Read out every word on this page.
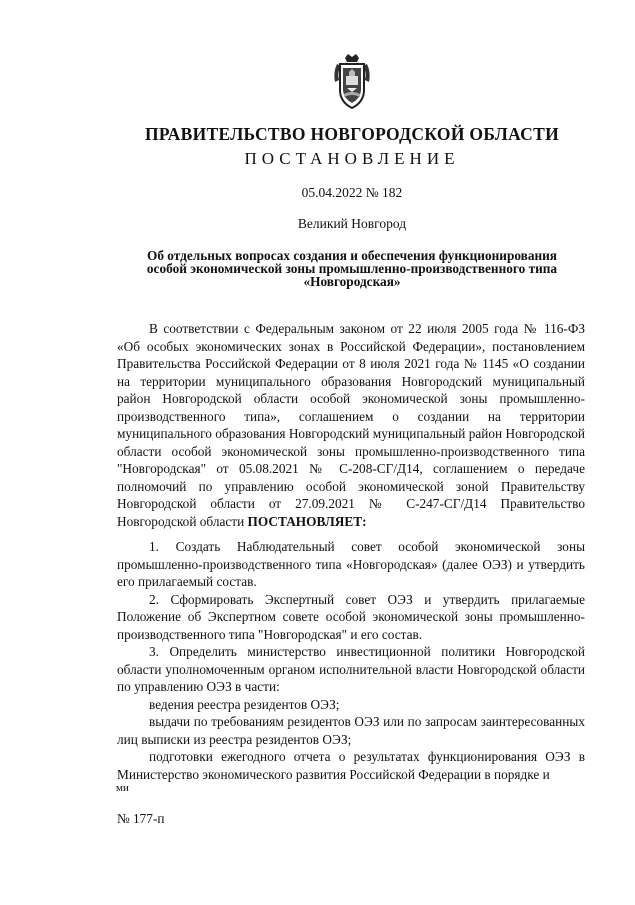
ПРАВИТЕЛЬСТВО НОВГОРОДСКОЙ ОБЛАСТИ
ПОСТАНОВЛЕНИЕ
05.04.2022 № 182
Великий Новгород
Об отдельных вопросах создания и обеспечения функционирования
особой экономической зоны промышленно-производственного типа
«Новгородская»

В соответствии с Федеральным законом от 22 июля 2005 года № 116-ФЗ «Об особых экономических зонах в Российской Федерации», постановлением Правительства Российской Федерации от 8 июля 2021 года № 1145 «О создании на территории муниципального образования Новгородский муниципальный район Новгородской области особой экономической зоны промышленно-производственного типа», соглашением о создании на территории муниципального образования Новгородский муниципальный район Новгородской области особой экономической зоны промышленно-производственного типа "Новгородская" от 05.08.2021 № С-208-СГ/Д14, соглашением о передаче полномочий по управлению особой экономической зоной Правительству Новгородской области от 27.09.2021 № С-247-СГ/Д14 Правительство Новгородской области ПОСТАНОВЛЯЕТ:

1. Создать Наблюдательный совет особой экономической зоны промышленно-производственного типа «Новгородская» (далее ОЭЗ) и утвердить его прилагаемый состав.

2. Сформировать Экспертный совет ОЭЗ и утвердить прилагаемые Положение об Экспертном совете особой экономической зоны промышленно-производственного типа "Новгородская" и его состав.

3. Определить министерство инвестиционной политики Новгородской области уполномоченным органом исполнительной власти Новгородской области по управлению ОЭЗ в части:

ведения реестра резидентов ОЭЗ;

выдачи по требованиям резидентов ОЭЗ или по запросам заинтересованных лиц выписки из реестра резидентов ОЭЗ;

подготовки ежегодного отчета о результатах функционирования ОЭЗ в Министерство экономического развития Российской Федерации в порядке и

ми
№ 177-п
